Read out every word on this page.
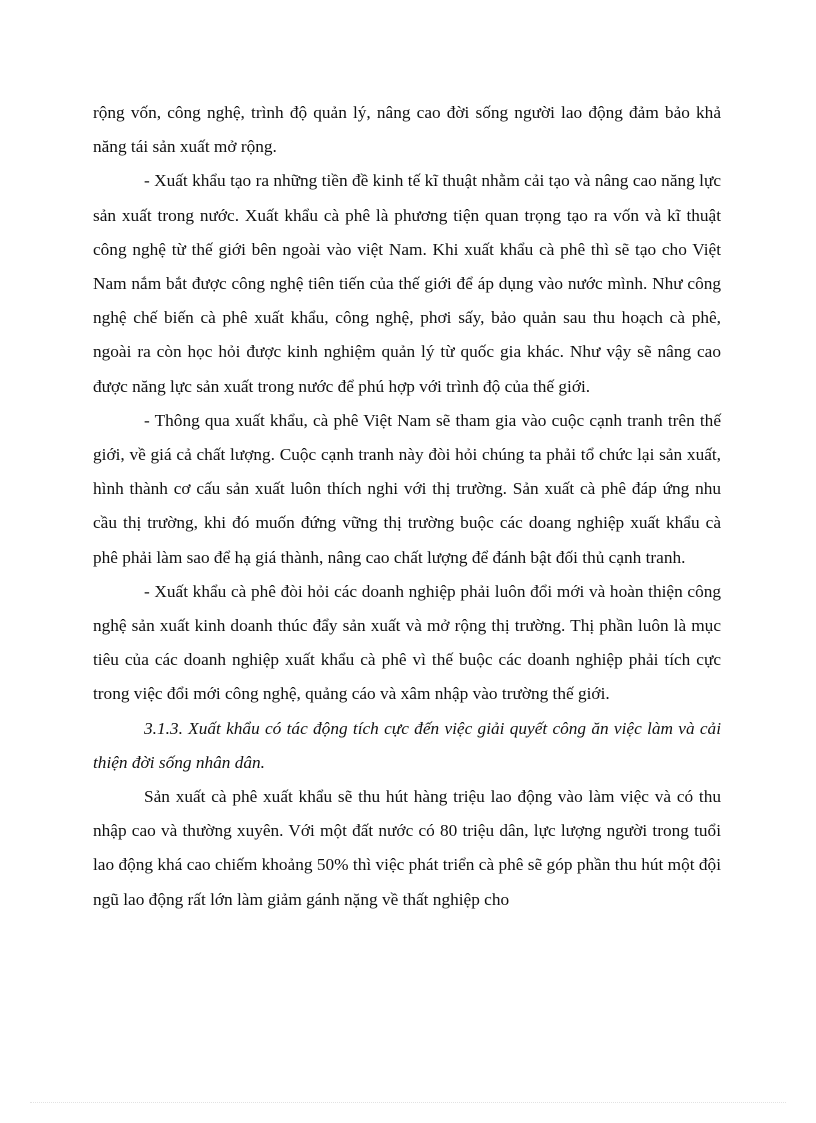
rộng vốn, công nghệ, trình độ quản lý, nâng cao đời sống người lao động đảm bảo khả năng tái sản xuất mở rộng.

- Xuất khẩu tạo ra những tiền đề kinh tế kĩ thuật nhằm cải tạo và nâng cao năng lực sản xuất trong nước. Xuất khẩu cà phê là phương tiện quan trọng tạo ra vốn và kĩ thuật công nghệ từ thế giới bên ngoài vào việt Nam. Khi xuất khẩu cà phê thì sẽ tạo cho Việt Nam nắm bắt được công nghệ tiên tiến của thế giới để áp dụng vào nước mình. Như công nghệ chế biến cà phê xuất khẩu, công nghệ, phơi sấy, bảo quản sau thu hoạch cà phê, ngoài ra còn học hỏi được kinh nghiệm quản lý từ quốc gia khác. Như vậy sẽ nâng cao được năng lực sản xuất trong nước để phú hợp với trình độ của thế giới.

- Thông qua xuất khẩu, cà phê Việt Nam sẽ tham gia vào cuộc cạnh tranh trên thế giới, về giá cả chất lượng. Cuộc cạnh tranh này đòi hỏi chúng ta phải tổ chức lại sản xuất, hình thành cơ cấu sản xuất luôn thích nghi với thị trường. Sản xuất cà phê đáp ứng nhu cầu thị trường, khi đó muốn đứng vững thị trường buộc các doang nghiệp xuất khẩu cà phê phải làm sao để hạ giá thành, nâng cao chất lượng để đánh bật đối thủ cạnh tranh.

- Xuất khẩu cà phê đòi hỏi các doanh nghiệp phải luôn đổi mới và hoàn thiện công nghệ sản xuất kinh doanh thúc đẩy sản xuất và mở rộng thị trường. Thị phần luôn là mục tiêu của các doanh nghiệp xuất khẩu cà phê vì thế buộc các doanh nghiệp phải tích cực trong việc đổi mới công nghệ, quảng cáo và xâm nhập vào trường thế giới.

3.1.3. Xuất khẩu có tác động tích cực đến việc giải quyết công ăn việc làm và cải thiện đời sống nhân dân.

Sản xuất cà phê xuất khẩu sẽ thu hút hàng triệu lao động vào làm việc và có thu nhập cao và thường xuyên. Với một đất nước có 80 triệu dân, lực lượng người trong tuổi lao động khá cao chiếm khoảng 50% thì việc phát triển cà phê sẽ góp phần thu hút một đội ngũ lao động rất lớn làm giảm gánh nặng về thất nghiệp cho
